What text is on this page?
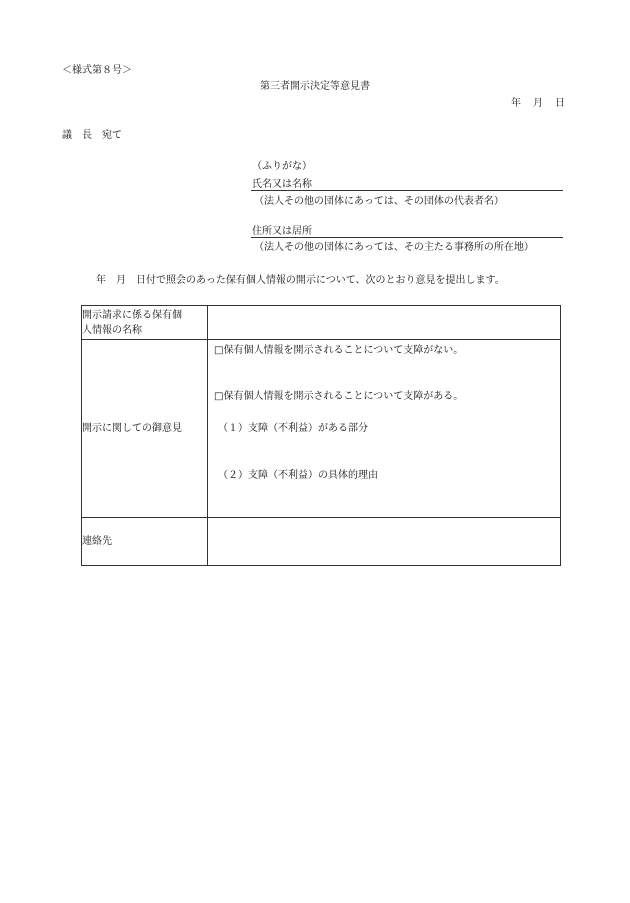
＜様式第８号＞
第三者開示決定等意見書
年　月　日
議　長　宛て
（ふりがな）
氏名又は名称
（法人その他の団体にあっては、その団体の代表者名）
住所又は居所
（法人その他の団体にあっては、その主たる事務所の所在地）
年　月　日付で照会のあった保有個人情報の開示について、次のとおり意見を提出します。
開示請求に係る保有個
人情報の名称	

開示に関しての御意見	□保有個人情報を開示されることについて支障がない。
□保有個人情報を開示されることについて支障がある。
（１）支障（不利益）がある部分
（２）支障（不利益）の具体的理由

連絡先	
